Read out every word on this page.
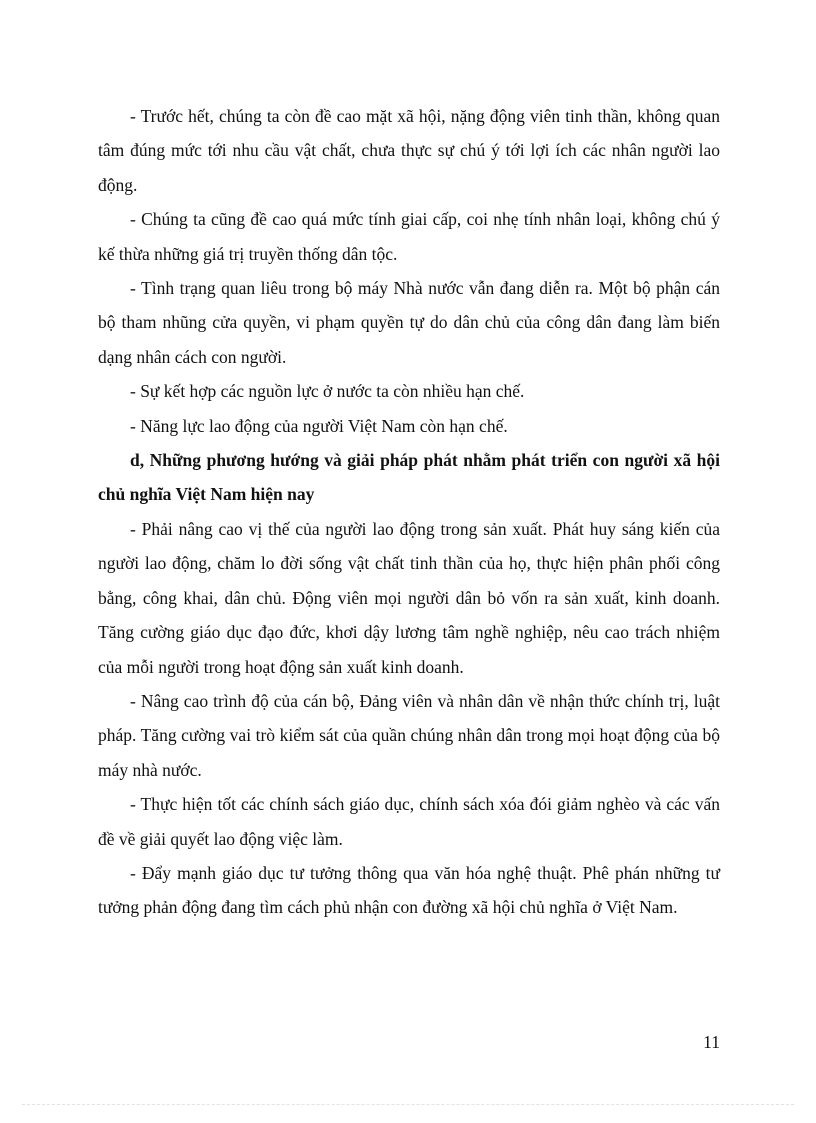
- Trước hết, chúng ta còn đề cao mặt xã hội, nặng động viên tinh thần, không quan tâm đúng mức tới nhu cầu vật chất, chưa thực sự chú ý tới lợi ích các nhân người lao động.

- Chúng ta cũng đề cao quá mức tính giai cấp, coi nhẹ tính nhân loại, không chú ý kế thừa những giá trị truyền thống dân tộc.

- Tình trạng quan liêu trong bộ máy Nhà nước vẫn đang diễn ra. Một bộ phận cán bộ tham nhũng cửa quyền, vi phạm quyền tự do dân chủ của công dân đang làm biến dạng nhân cách con người.

- Sự kết hợp các nguồn lực ở nước ta còn nhiều hạn chế.

- Năng lực lao động của người Việt Nam còn hạn chế.

d, Những phương hướng và giải pháp phát nhằm phát triển con người xã hội chủ nghĩa Việt Nam hiện nay

- Phải nâng cao vị thế của người lao động trong sản xuất. Phát huy sáng kiến của người lao động, chăm lo đời sống vật chất tinh thần của họ, thực hiện phân phối công bằng, công khai, dân chủ. Động viên mọi người dân bỏ vốn ra sản xuất, kinh doanh. Tăng cường giáo dục đạo đức, khơi dậy lương tâm nghề nghiệp, nêu cao trách nhiệm của mỗi người trong hoạt động sản xuất kinh doanh.

- Nâng cao trình độ của cán bộ, Đảng viên và nhân dân về nhận thức chính trị, luật pháp. Tăng cường vai trò kiểm sát của quần chúng nhân dân trong mọi hoạt động của bộ máy nhà nước.

- Thực hiện tốt các chính sách giáo dục, chính sách xóa đói giảm nghèo và các vấn đề về giải quyết lao động việc làm.

- Đẩy mạnh giáo dục tư tưởng thông qua văn hóa nghệ thuật. Phê phán những tư tưởng phản động đang tìm cách phủ nhận con đường xã hội chủ nghĩa ở Việt Nam.

11
